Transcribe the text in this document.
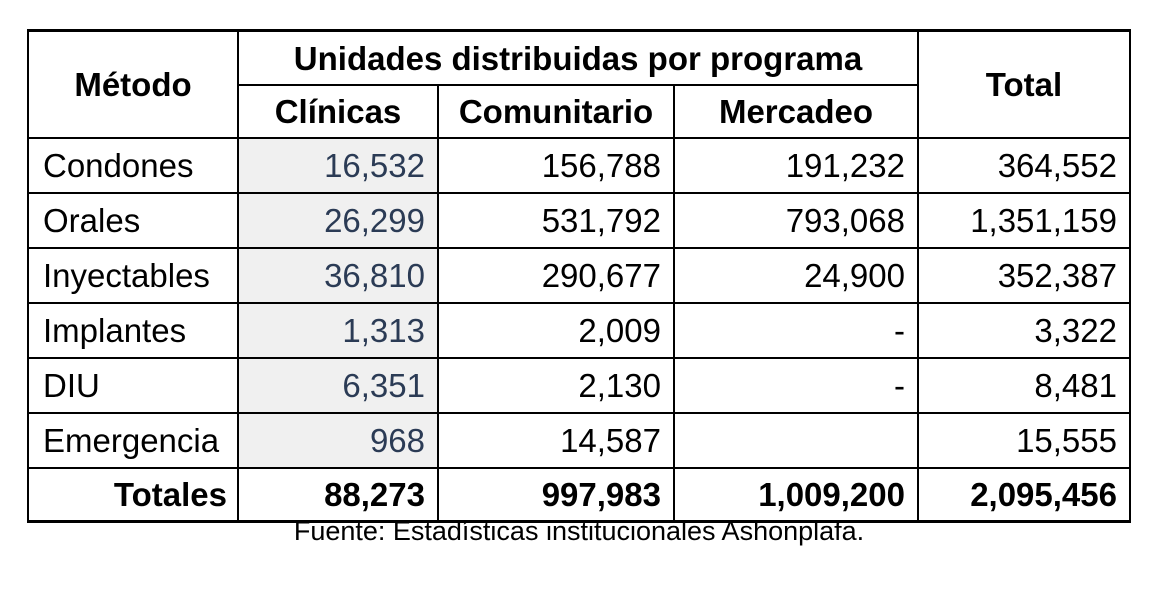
Método	Unidades distribuidas por programa			Total
	Clínicas	Comunitario	Mercadeo	
Condones	16,532	156,788	191,232	364,552
Orales	26,299	531,792	793,068	1,351,159
Inyectables	36,810	290,677	24,900	352,387
Implantes	1,313	2,009	-	3,322
DIU	6,351	2,130	-	8,481
Emergencia	968	14,587		15,555
Totales	88,273	997,983	1,009,200	2,095,456
Fuente: Estadísticas institucionales Ashonplafa.
